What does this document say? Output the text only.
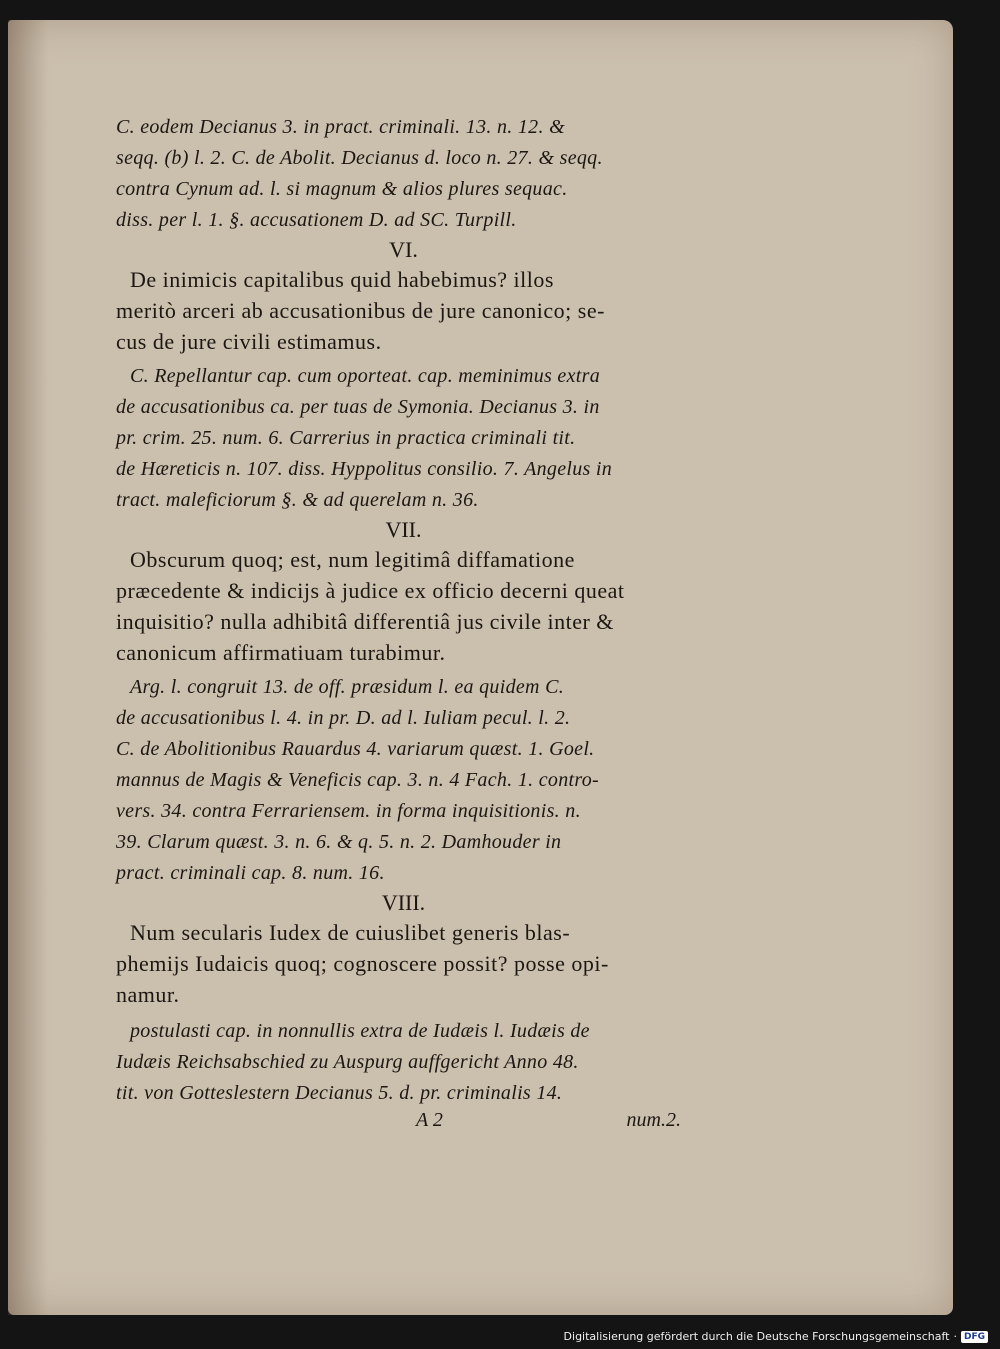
C. eodem Decianus 3. in pract. criminali. 13. n. 12. &
seqq. (b) l. 2. C. de Abolit. Decianus d. loco n. 27. & seqq.
contra Cynum ad. l. si magnum & alios plures sequac.
diss. per l. 1. §. accusationem D. ad SC. Turpill.

VI.

De inimicis capitalibus quid habebimus? illos
meritò arceri ab accusationibus de jure canonico; se-
cus de jure civili estimamus.

C. Repellantur cap. cum oporteat. cap. meminimus extra
de accusationibus ca. per tuas de Symonia. Decianus 3. in
pr. crim. 25. num. 6. Carrerius in practica criminali tit.
de Hæreticis n. 107. diss. Hyppolitus consilio. 7. Angelus in
tract. maleficiorum §. & ad querelam n. 36.

VII.

Obscurum quoq; est, num legitimâ diffamatione
præcedente & indicijs à judice ex officio decerni queat
inquisitio? nulla adhibitâ differentiâ jus civile inter &
canonicum affirmatiuam turabimur.

Arg. l. congruit 13. de off. præsidum l. ea quidem C.
de accusationibus l. 4. in pr. D. ad l. Iuliam pecul. l. 2.
C. de Abolitionibus Rauardus 4. variarum quæst. 1. Goel.
mannus de Magis & Veneficis cap. 3. n. 4 Fach. 1. contro-
vers. 34. contra Ferrariensem. in forma inquisitionis. n.
39. Clarum quæst. 3. n. 6. & q. 5. n. 2. Damhouder in
pract. criminali cap. 8. num. 16.

VIII.

Num secularis Iudex de cuiuslibet generis blas-
phemijs Iudaicis quoq; cognoscere possit? posse opi-
namur.

postulasti cap. in nonnullis extra de Iudæis l. Iudæis de
Iudæis Reichsabschied zu Auspurg auffgericht Anno 48.
tit. von Gotteslestern Decianus 5. d. pr. criminalis 14.

A 2	num.2.
Digitalisierung gefördert durch die Deutsche Forschungsgemeinschaft · DFG
